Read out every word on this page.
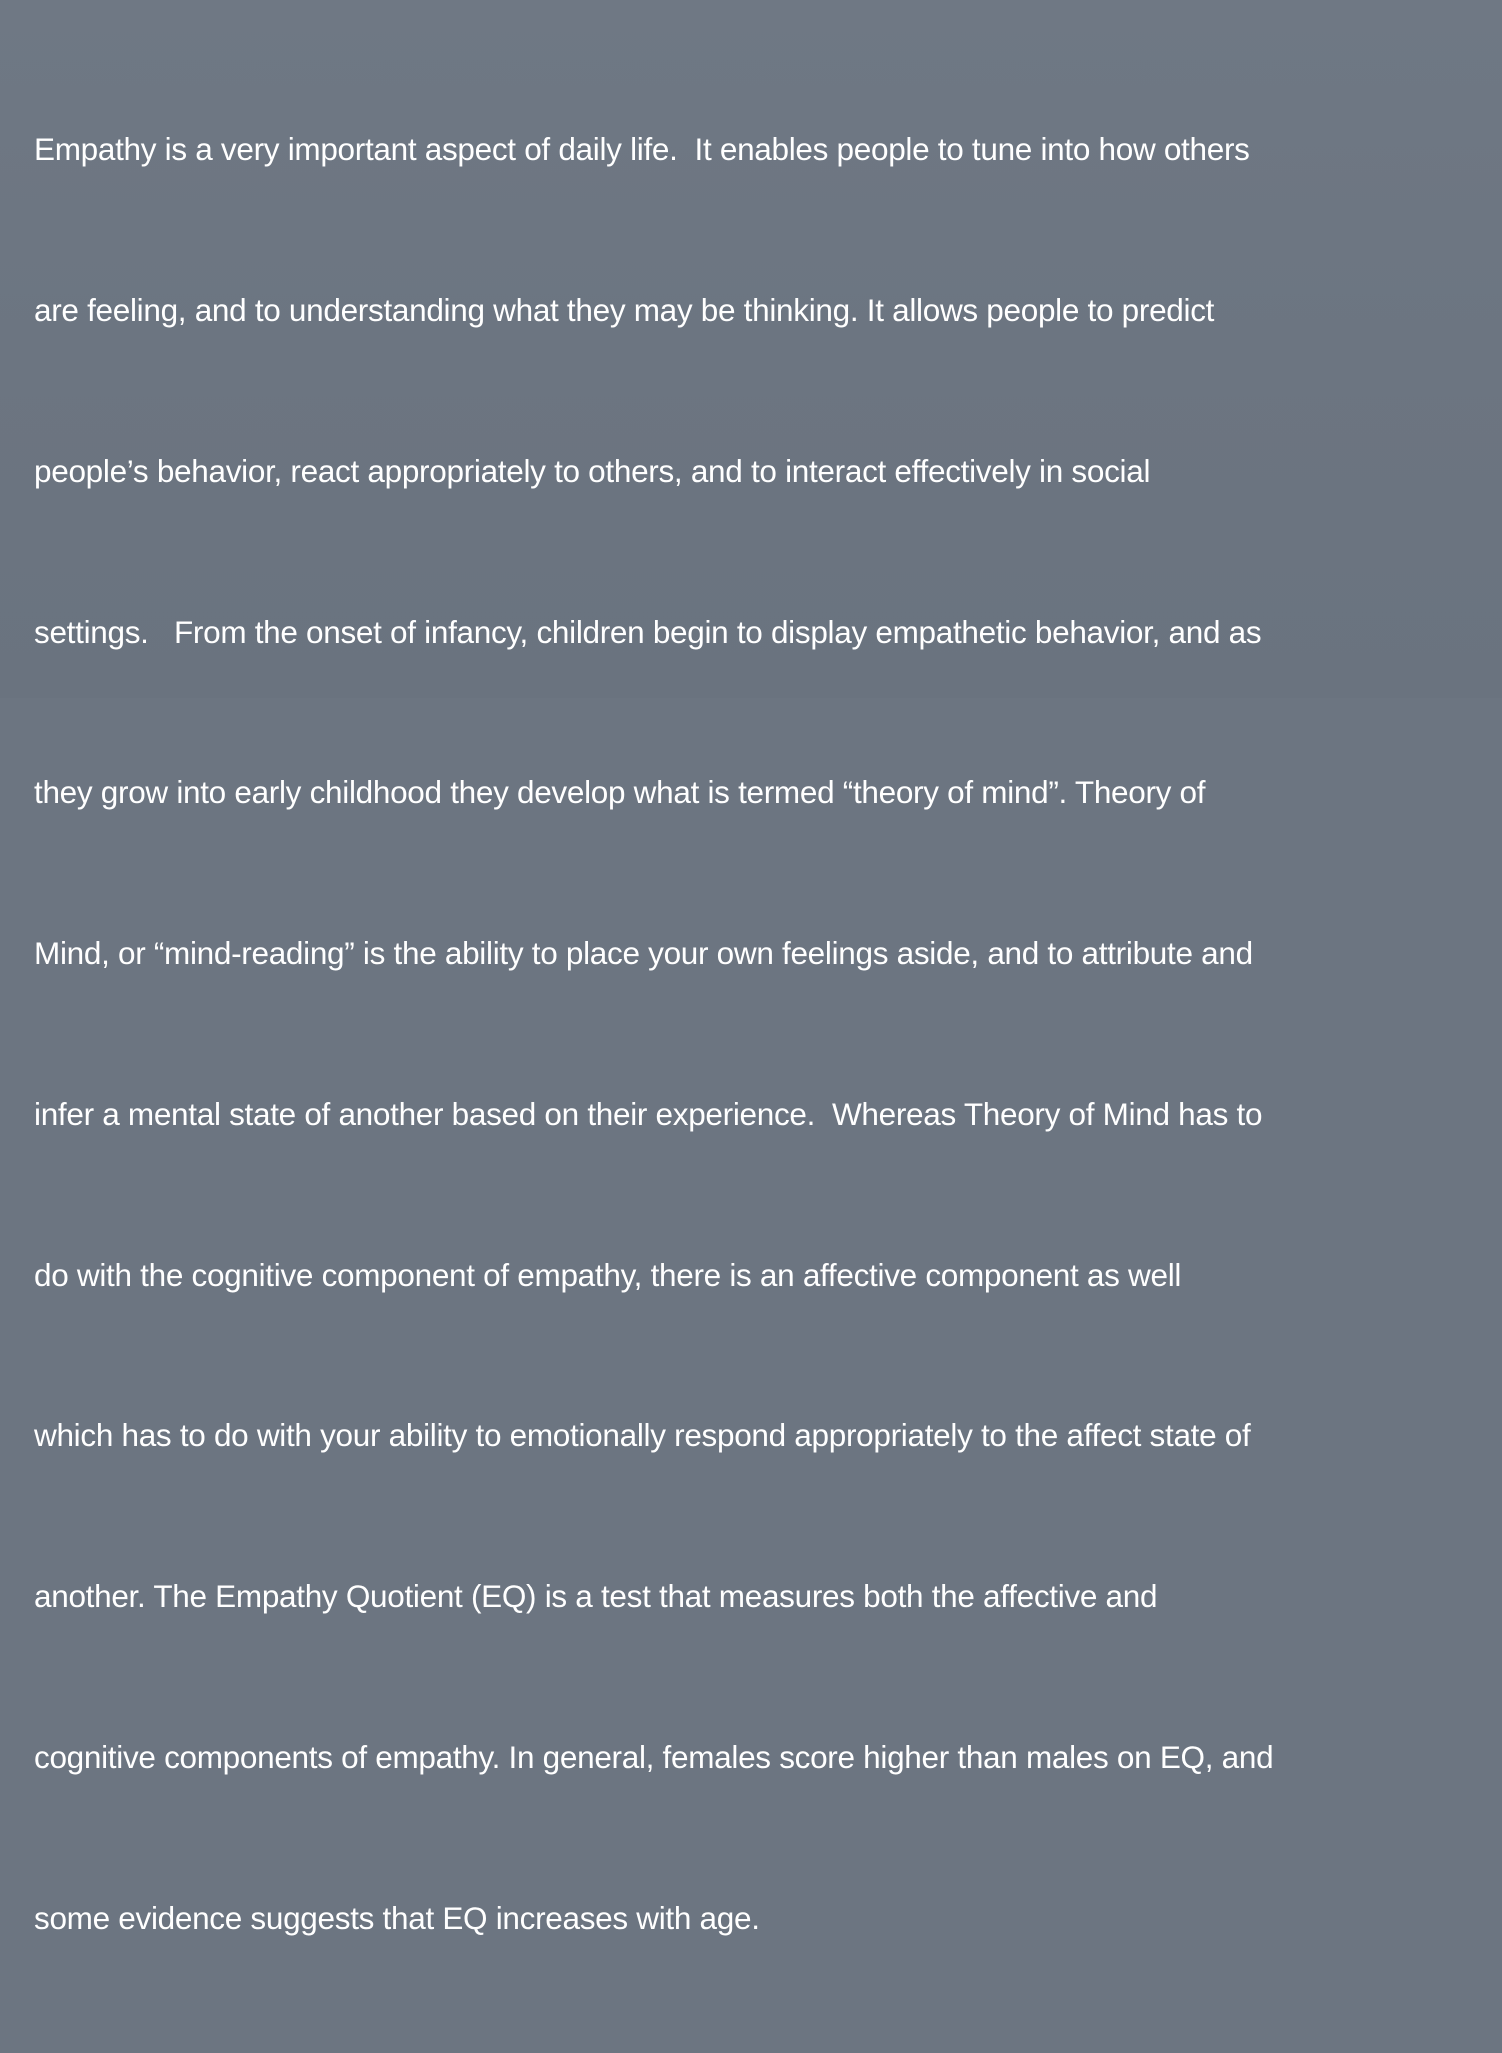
Empathy is a very important aspect of daily life.  It enables people to tune into how others

are feeling, and to understanding what they may be thinking. It allows people to predict

people’s behavior, react appropriately to others, and to interact effectively in social

settings.   From the onset of infancy, children begin to display empathetic behavior, and as

they grow into early childhood they develop what is termed “theory of mind”. Theory of

Mind, or “mind-reading” is the ability to place your own feelings aside, and to attribute and

infer a mental state of another based on their experience.  Whereas Theory of Mind has to

do with the cognitive component of empathy, there is an affective component as well

which has to do with your ability to emotionally respond appropriately to the affect state of

another. The Empathy Quotient (EQ) is a test that measures both the affective and

cognitive components of empathy. In general, females score higher than males on EQ, and

some evidence suggests that EQ increases with age.
